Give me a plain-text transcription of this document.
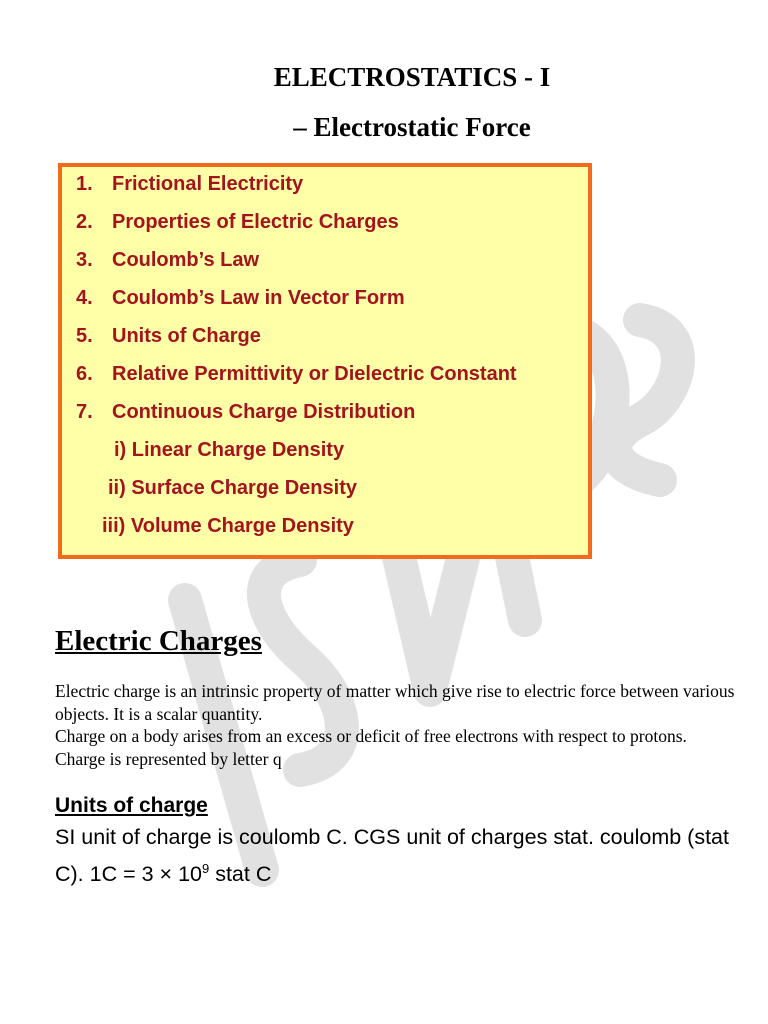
ELECTROSTATICS - I
– Electrostatic Force
1. Frictional Electricity
2. Properties of Electric Charges
3. Coulomb’s Law
4. Coulomb’s Law in Vector Form
5. Units of Charge
6. Relative Permittivity or Dielectric Constant
7. Continuous Charge Distribution
i) Linear Charge Density
ii) Surface Charge Density
iii) Volume Charge Density
Electric Charges
Electric charge is an intrinsic property of matter which give rise to electric force between various objects. It is a scalar quantity.
Charge on a body arises from an excess or deficit of free electrons with respect to protons.
Charge is represented by letter q
Units of charge

SI unit of charge is coulomb C. CGS unit of charges stat. coulomb (stat C). $1C = 3 \times 10^9$ stat C
